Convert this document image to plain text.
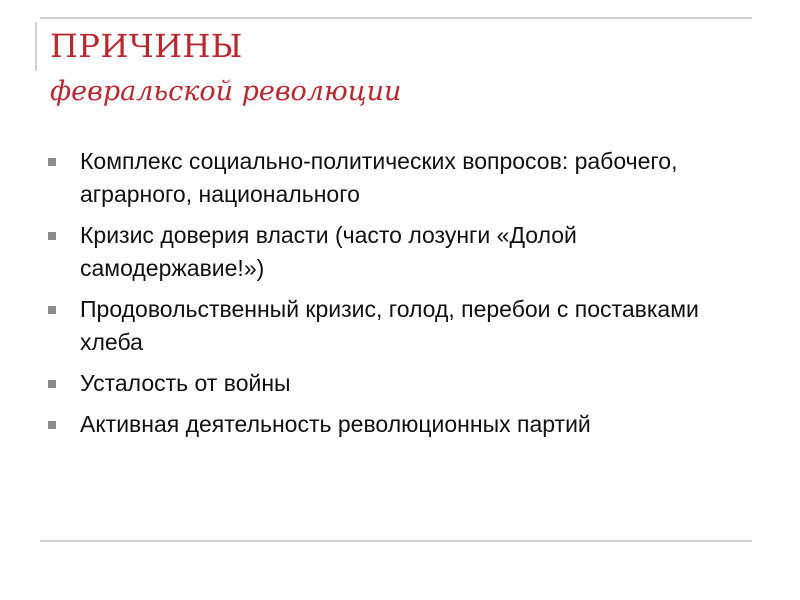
ПРИЧИНЫ
февральской революции
Комплекс социально-политических вопросов: рабочего, аграрного, национального
Кризис доверия власти (часто лозунги «Долой самодержавие!»)
Продовольственный кризис, голод, перебои с поставками хлеба
Усталость от войны
Активная деятельность революционных партий
